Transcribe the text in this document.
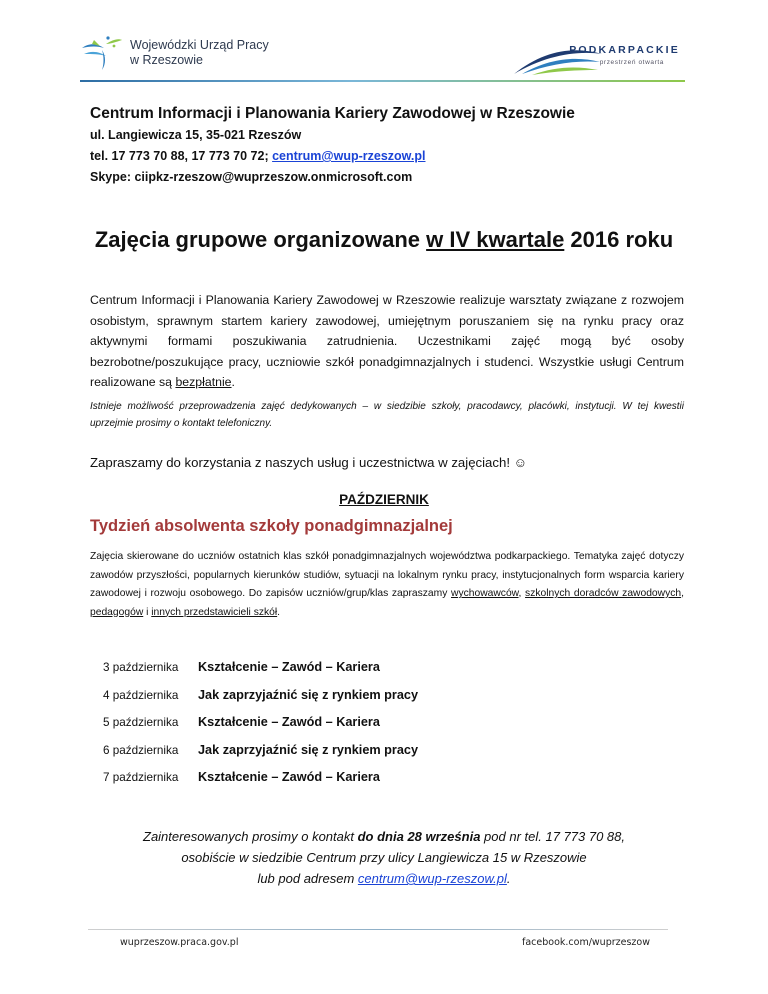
Wojewódzki Urząd Pracy
w Rzeszowie
PODKARPACKIE
przestrzeń otwarta
Centrum Informacji i Planowania Kariery Zawodowej w Rzeszowie
ul. Langiewicza 15, 35-021 Rzeszów
tel. 17 773 70 88, 17 773 70 72; centrum@wup-rzeszow.pl
Skype: ciipkz-rzeszow@wuprzeszow.onmicrosoft.com
Zajęcia grupowe organizowane w IV kwartale 2016 roku
Centrum Informacji i Planowania Kariery Zawodowej w Rzeszowie realizuje warsztaty związane z rozwojem osobistym, sprawnym startem kariery zawodowej, umiejętnym poruszaniem się na rynku pracy oraz aktywnymi formami poszukiwania zatrudnienia. Uczestnikami zajęć mogą być osoby bezrobotne/poszukujące pracy, uczniowie szkół ponadgimnazjalnych i studenci. Wszystkie usługi Centrum realizowane są bezpłatnie.
Istnieje możliwość przeprowadzenia zajęć dedykowanych – w siedzibie szkoły, pracodawcy, placówki, instytucji. W tej kwestii uprzejmie prosimy o kontakt telefoniczny.
Zapraszamy do korzystania z naszych usług i uczestnictwa w zajęciach! ☺
PAŹDZIERNIK
Tydzień absolwenta szkoły ponadgimnazjalnej
Zajęcia skierowane do uczniów ostatnich klas szkół ponadgimnazjalnych województwa podkarpackiego. Tematyka zajęć dotyczy zawodów przyszłości, popularnych kierunków studiów, sytuacji na lokalnym rynku pracy, instytucjonalnych form wsparcia kariery zawodowej i rozwoju osobowego. Do zapisów uczniów/grup/klas zapraszamy wychowawców, szkolnych doradców zawodowych, pedagogów i innych przedstawicieli szkół.
3 października	Kształcenie – Zawód – Kariera
4 października	Jak zaprzyjaźnić się z rynkiem pracy
5 października	Kształcenie – Zawód – Kariera
6 października	Jak zaprzyjaźnić się z rynkiem pracy
7 października	Kształcenie – Zawód – Kariera
Zainteresowanych prosimy o kontakt do dnia 28 września pod nr tel. 17 773 70 88,
osobiście w siedzibie Centrum przy ulicy Langiewicza 15 w Rzeszowie
lub pod adresem centrum@wup-rzeszow.pl.
wuprzeszow.praca.gov.pl	facebook.com/wuprzeszow
